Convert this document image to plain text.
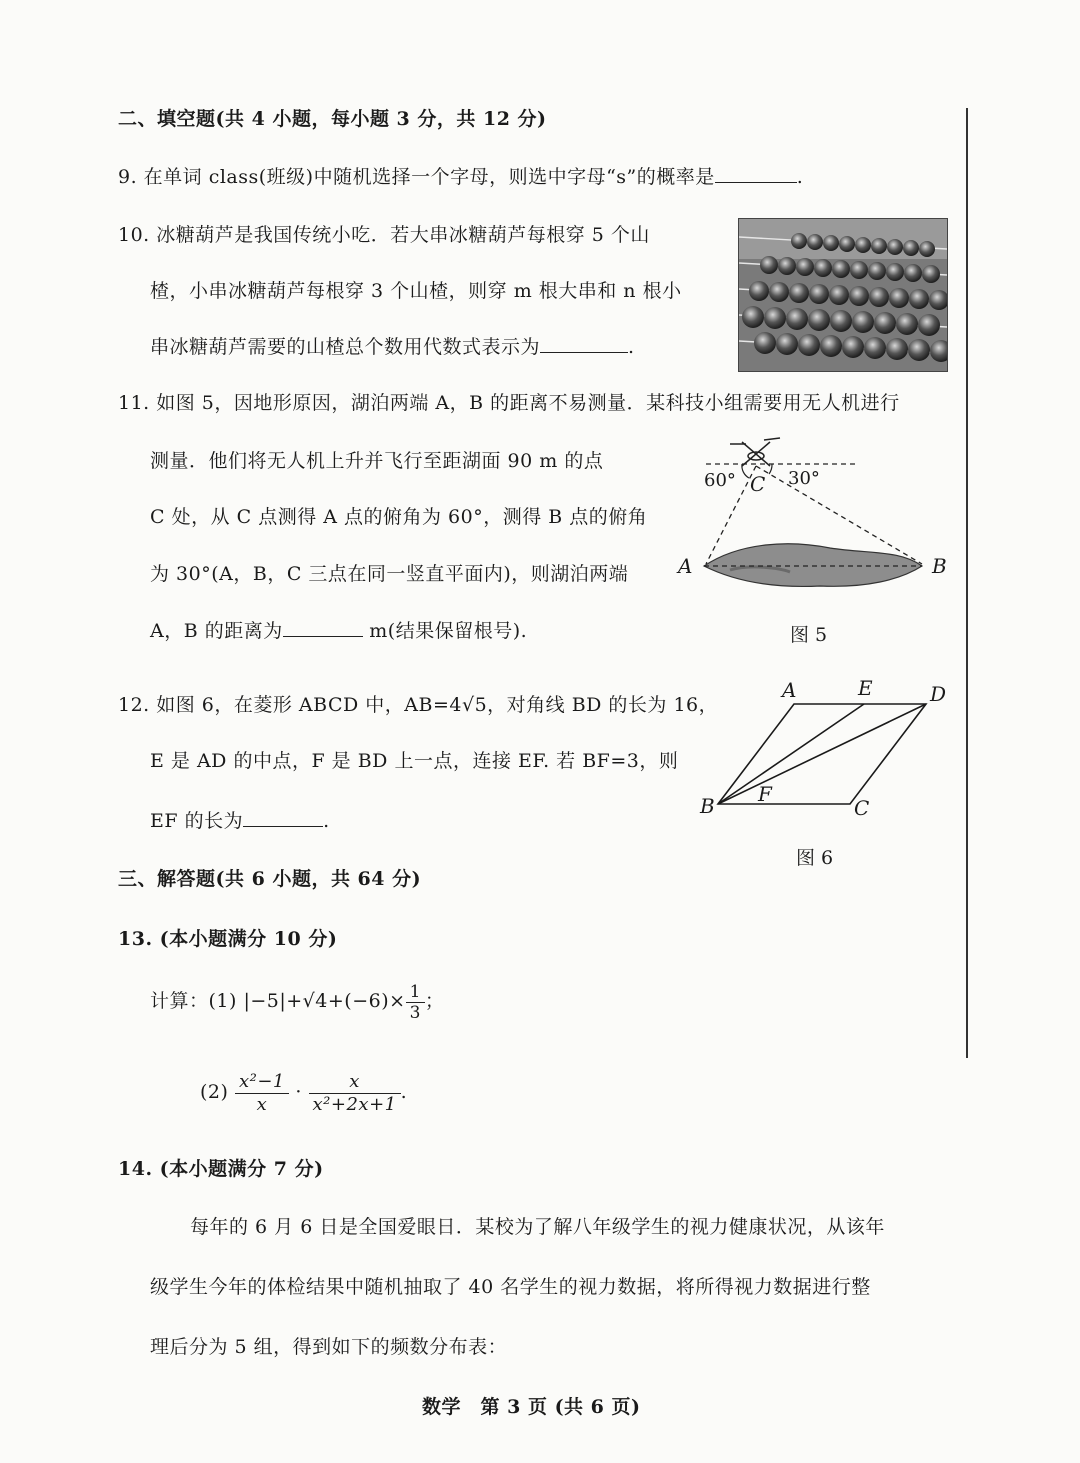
二、填空题(共 4 小题，每小题 3 分，共 12 分)
9. 在单词 class(班级)中随机选择一个字母，则选中字母“s”的概率是	.
10. 冰糖葫芦是我国传统小吃．若大串冰糖葫芦每根穿 5 个山
楂，小串冰糖葫芦每根穿 3 个山楂，则穿 m 根大串和 n 根小
串冰糖葫芦需要的山楂总个数用代数式表示为	.
11. 如图 5，因地形原因，湖泊两端 A，B 的距离不易测量．某科技小组需要用无人机进行
测量．他们将无人机上升并飞行至距湖面 90 m 的点
C 处，从 C 点测得 A 点的俯角为 60°，测得 B 点的俯角
为 30°(A，B，C 三点在同一竖直平面内)，则湖泊两端
A，B 的距离为	m(结果保留根号).
60° C 30°
A	B
图 5
12. 如图 6，在菱形 ABCD 中，AB=4√5，对角线 BD 的长为 16，
E 是 AD 的中点，F 是 BD 上一点，连接 EF. 若 BF=3，则
EF 的长为	.
A	E	D
B F
C
图 6
三、解答题(共 6 小题，共 64 分)
13. (本小题满分 10 分)
计算：(1) $|-5|+√4+(-6)\times \frac{1}{3}$ ；
$(2) \frac{\text{x²−1}}{x} \cdot \frac{x}{\text{x²+2x+1}}$ .
14. (本小题满分 7 分)
每年的 6 月 6 日是全国爱眼日．某校为了解八年级学生的视力健康状况，从该年
级学生今年的体检结果中随机抽取了 40 名学生的视力数据，将所得视力数据进行整
理后分为 5 组，得到如下的频数分布表：
数学　第 3 页 (共 6 页)
